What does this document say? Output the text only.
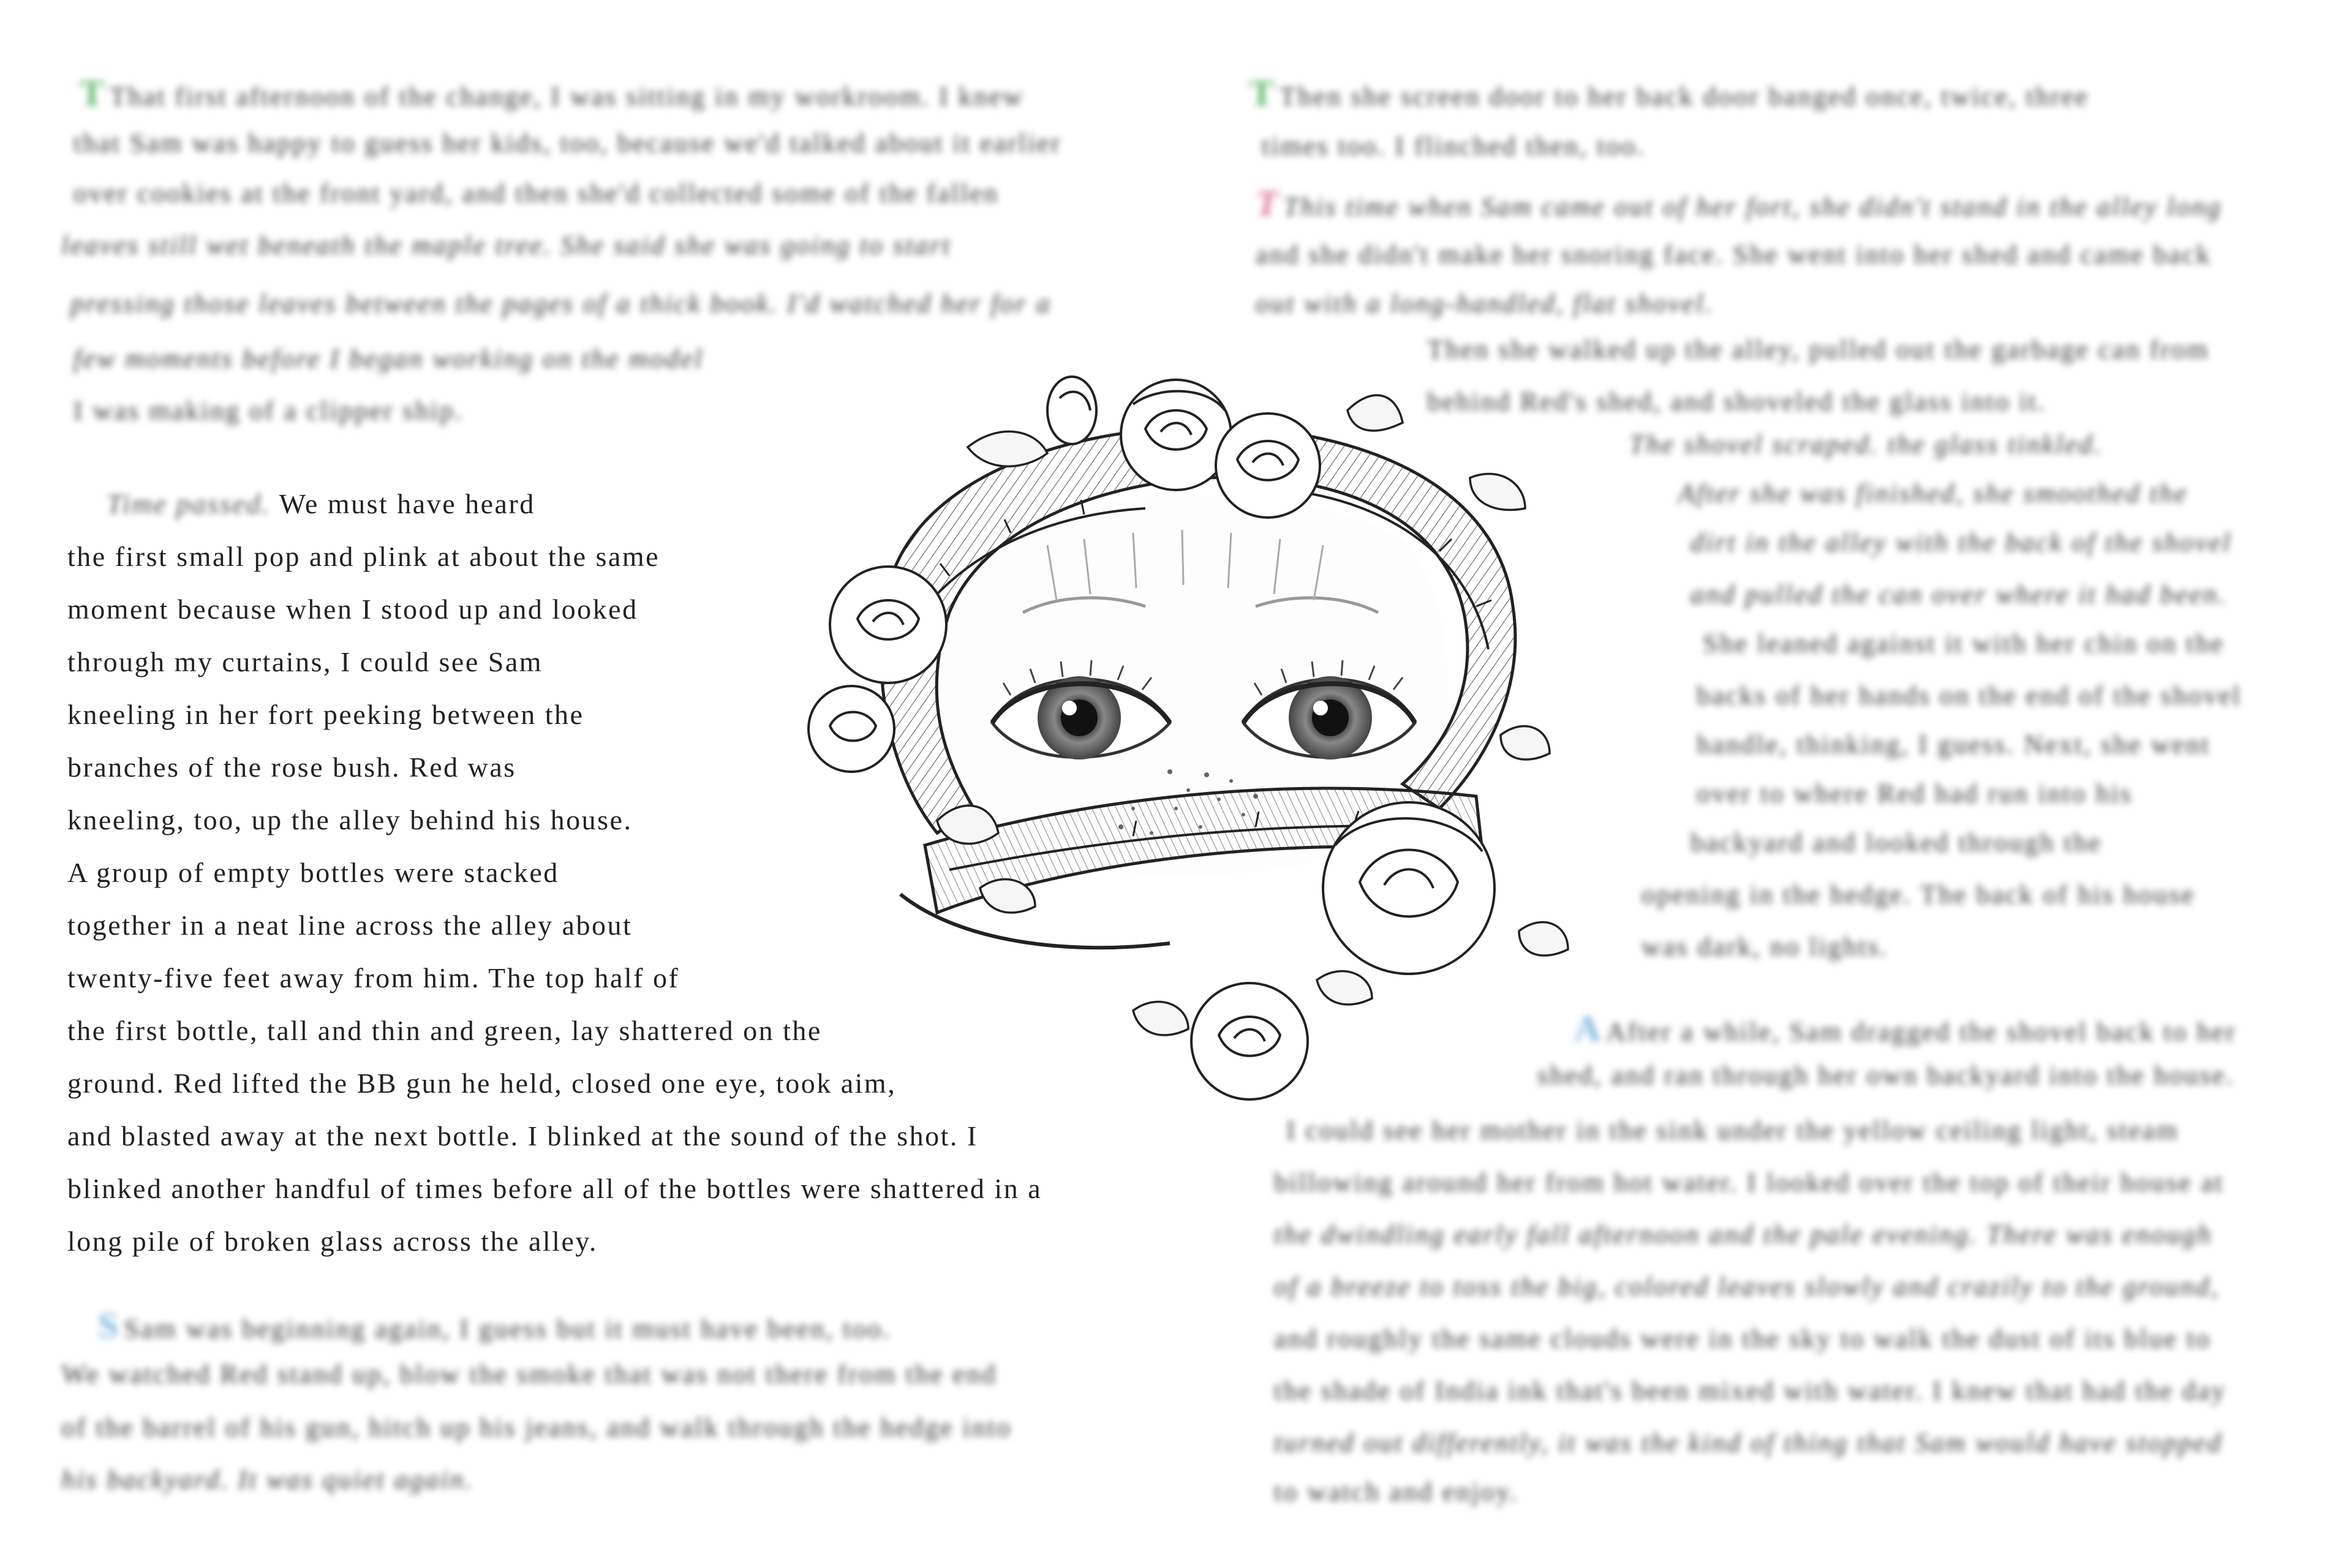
T That first afternoon of the change, I was sitting in my workroom. I knew
that Sam was happy to guess her kids, too, because we'd talked about it earlier
over cookies at the front yard, and then she'd collected some of the fallen
leaves still wet beneath the maple tree. She said she was going to start
pressing those leaves between the pages of a thick book. I'd watched her for a
few moments before I began working on the model
I was making of a clipper ship.
Time passed. We must have heard
the first small pop and plink at about the same
moment because when I stood up and looked
through my curtains, I could see Sam
kneeling in her fort peeking between the
branches of the rose bush. Red was
kneeling, too, up the alley behind his house.
A group of empty bottles were stacked
together in a neat line across the alley about
twenty-five feet away from him. The top half of
the first bottle, tall and thin and green, lay shattered on the
ground. Red lifted the BB gun he held, closed one eye, took aim,
and blasted away at the next bottle. I blinked at the sound of the shot. I
blinked another handful of times before all of the bottles were shattered in a
long pile of broken glass across the alley.
S Sam was beginning again, I guess but it must have been, too.
We watched Red stand up, blow the smoke that was not there from the end
of the barrel of his gun, hitch up his jeans, and walk through the hedge into
his backyard. It was quiet again.
T Then she screen door to her back door banged once, twice, three
times too. I flinched then, too.
T This time when Sam came out of her fort, she didn't stand in the alley long
and she didn't make her snoring face. She went into her shed and came back
out with a long-handled, flat shovel.
Then she walked up the alley, pulled out the garbage can from
behind Red's shed, and shoveled the glass into it.
The shovel scraped. the glass tinkled.
After she was finished, she smoothed the
dirt in the alley with the back of the shovel
and pulled the can over where it had been.
She leaned against it with her chin on the
backs of her hands on the end of the shovel
handle, thinking, I guess. Next, she went
over to where Red had run into his
backyard and looked through the
opening in the hedge. The back of his house
was dark, no lights.
A After a while, Sam dragged the shovel back to her
shed, and ran through her own backyard into the house.
I could see her mother in the sink under the yellow ceiling light, steam
billowing around her from hot water. I looked over the top of their house at
the dwindling early fall afternoon and the pale evening. There was enough
of a breeze to toss the big, colored leaves slowly and crazily to the ground,
and roughly the same clouds were in the sky to walk the dust of its blue to
the shade of India ink that's been mixed with water. I knew that had the day
turned out differently, it was the kind of thing that Sam would have stopped
to watch and enjoy.
